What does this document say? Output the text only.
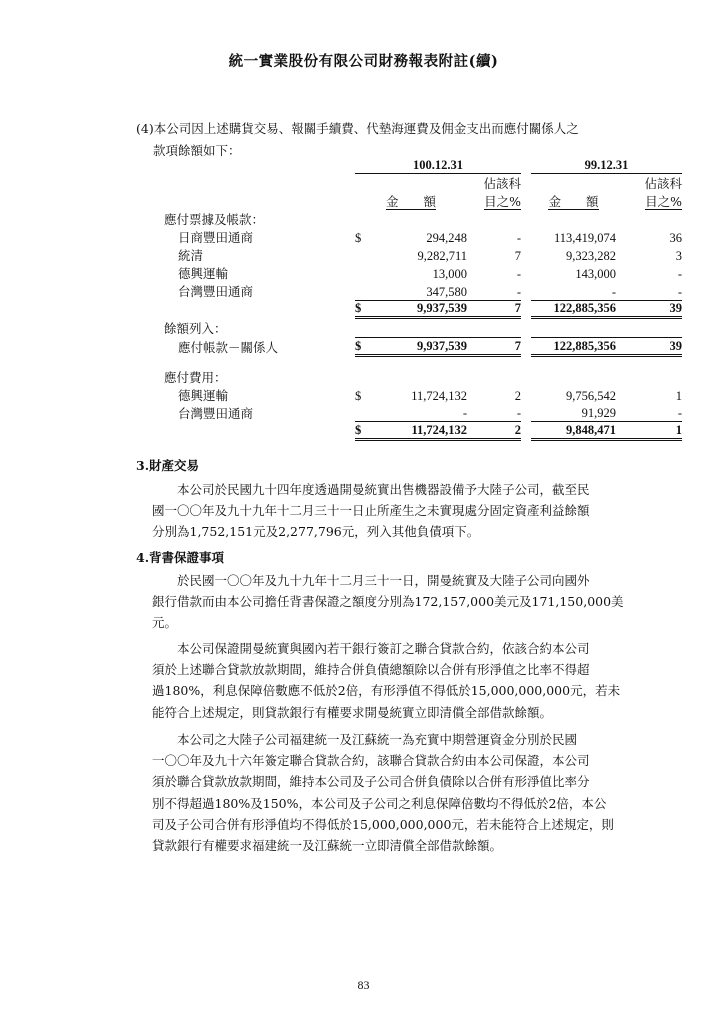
統一實業股份有限公司財務報表附註(續)
(4)本公司因上述購貨交易、報關手續費、代墊海運費及佣金支出而應付關係人之
款項餘額如下：
	100.12.31				99.12.31	
			佔該科			佔該科
	金　　額		目之%		金　　額	目之%
應付票據及帳款：						
日商豐田通商	$	294,248	-		113,419,074	36
統清		9,282,711	7		9,323,282	3
德興運輸		13,000	-		143,000	-
台灣豐田通商		347,580	-		-	-
	$	9,937,539	7		122,885,356	39
餘額列入：						
應付帳款－關係人	$	9,937,539	7		122,885,356	39

應付費用：						
德興運輸	$	11,724,132	2		9,756,542	1
台灣豐田通商		-	-		91,929	-
	$	11,724,132	2		9,848,471	1
3.財產交易
本公司於民國九十四年度透過開曼統實出售機器設備予大陸子公司，截至民
國一〇〇年及九十九年十二月三十一日止所產生之未實現處分固定資產利益餘額
分別為1,752,151元及2,277,796元，列入其他負債項下。
4.背書保證事項
於民國一〇〇年及九十九年十二月三十一日，開曼統實及大陸子公司向國外
銀行借款而由本公司擔任背書保證之額度分別為172,157,000美元及171,150,000美
元。
本公司保證開曼統實與國內若干銀行簽訂之聯合貸款合約，依該合約本公司
須於上述聯合貸款放款期間，維持合併負債總額除以合併有形淨值之比率不得超
過180%，利息保障倍數應不低於2倍，有形淨值不得低於15,000,000,000元，若未
能符合上述規定，則貸款銀行有權要求開曼統實立即清償全部借款餘額。
本公司之大陸子公司福建統一及江蘇統一為充實中期營運資金分別於民國
一〇〇年及九十六年簽定聯合貸款合約，該聯合貸款合約由本公司保證，本公司
須於聯合貸款放款期間，維持本公司及子公司合併負債除以合併有形淨值比率分
別不得超過180%及150%，本公司及子公司之利息保障倍數均不得低於2倍，本公
司及子公司合併有形淨值均不得低於15,000,000,000元，若未能符合上述規定，則
貸款銀行有權要求福建統一及江蘇統一立即清償全部借款餘額。
83
